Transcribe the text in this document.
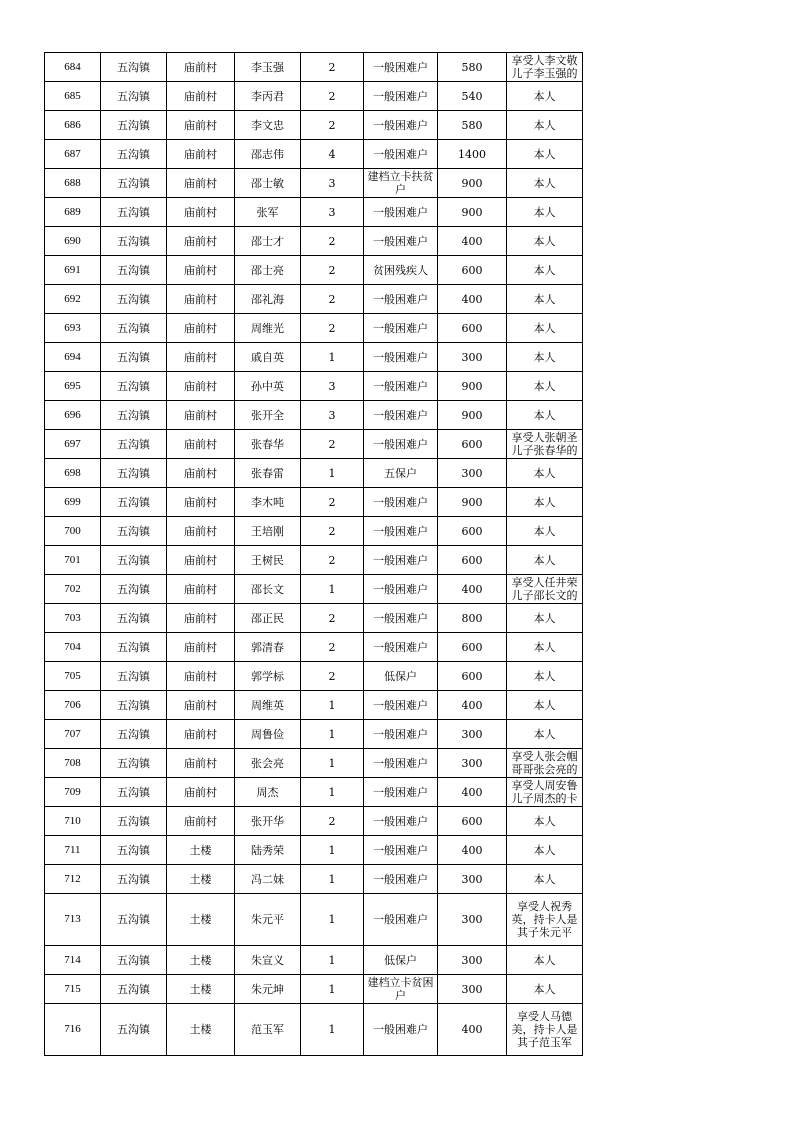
684	五沟镇	庙前村	李玉强	2	一般困难户	580	享受人李文敬儿子李玉强的
685	五沟镇	庙前村	李丙君	2	一般困难户	540	本人
686	五沟镇	庙前村	李文忠	2	一般困难户	580	本人
687	五沟镇	庙前村	邵志伟	4	一般困难户	1400	本人
688	五沟镇	庙前村	邵士敏	3	建档立卡扶贫户	900	本人
689	五沟镇	庙前村	张军	3	一般困难户	900	本人
690	五沟镇	庙前村	邵士才	2	一般困难户	400	本人
691	五沟镇	庙前村	邵士亮	2	贫困残疾人	600	本人
692	五沟镇	庙前村	邵礼海	2	一般困难户	400	本人
693	五沟镇	庙前村	周维光	2	一般困难户	600	本人
694	五沟镇	庙前村	戚自英	1	一般困难户	300	本人
695	五沟镇	庙前村	孙中英	3	一般困难户	900	本人
696	五沟镇	庙前村	张开全	3	一般困难户	900	本人
697	五沟镇	庙前村	张春华	2	一般困难户	600	享受人张朝圣儿子张春华的
698	五沟镇	庙前村	张春雷	1	五保户	300	本人
699	五沟镇	庙前村	李木吨	2	一般困难户	900	本人
700	五沟镇	庙前村	王培刚	2	一般困难户	600	本人
701	五沟镇	庙前村	王树民	2	一般困难户	600	本人
702	五沟镇	庙前村	邵长文	1	一般困难户	400	享受人任井荣儿子邵长文的
703	五沟镇	庙前村	邵正民	2	一般困难户	800	本人
704	五沟镇	庙前村	郭清春	2	一般困难户	600	本人
705	五沟镇	庙前村	郭学标	2	低保户	600	本人
706	五沟镇	庙前村	周维英	1	一般困难户	400	本人
707	五沟镇	庙前村	周鲁俭	1	一般困难户	300	本人
708	五沟镇	庙前村	张会亮	1	一般困难户	300	享受人张会帼哥哥张会亮的
709	五沟镇	庙前村	周杰	1	一般困难户	400	享受人周安鲁儿子周杰的卡
710	五沟镇	庙前村	张开华	2	一般困难户	600	本人
711	五沟镇	土楼	陆秀荣	1	一般困难户	400	本人
712	五沟镇	土楼	冯二妹	1	一般困难户	300	本人
713	五沟镇	土楼	朱元平	1	一般困难户	300	享受人祝秀英，持卡人是其子朱元平
714	五沟镇	土楼	朱宣义	1	低保户	300	本人
715	五沟镇	土楼	朱元坤	1	建档立卡贫困户	300	本人
716	五沟镇	土楼	范玉军	1	一般困难户	400	享受人马德美，持卡人是其子范玉军
